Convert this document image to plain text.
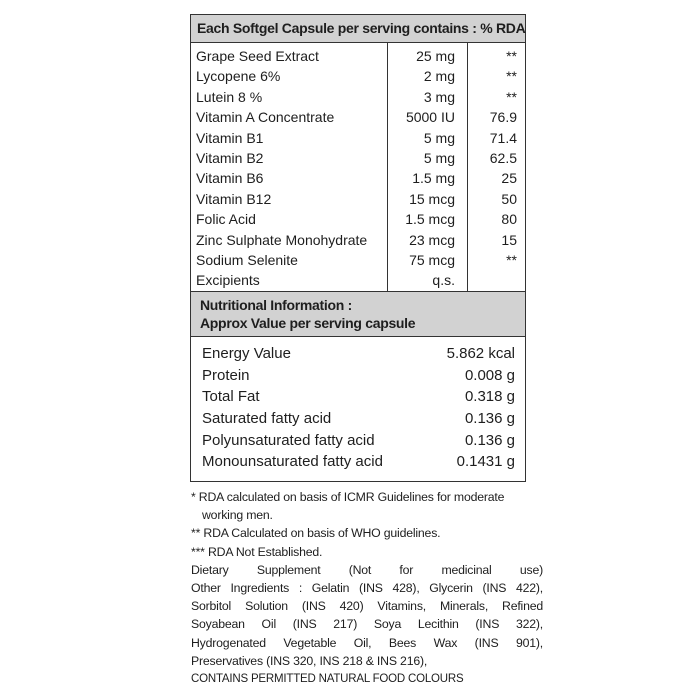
Each Softgel Capsule per serving contains : % RDA
Grape Seed Extract	25 mg	**
Lycopene 6%	2 mg	**
Lutein 8 %	3 mg	**
Vitamin A Concentrate	5000 IU	76.9
Vitamin B1	5 mg	71.4
Vitamin B2	5 mg	62.5
Vitamin B6	1.5 mg	25
Vitamin B12	15 mcg	50
Folic Acid	1.5 mcg	80
Zinc Sulphate Monohydrate	23 mcg	15
Sodium Selenite	75 mcg	**
Excipients	q.s.	
Nutritional Information :
Approx Value per serving capsule
Energy Value	5.862 kcal
Protein	0.008 g
Total Fat	0.318 g
Saturated fatty acid	0.136 g
Polyunsaturated fatty acid	0.136 g
Monounsaturated fatty acid	0.1431 g

* RDA calculated on basis of ICMR Guidelines for moderate

working men.

** RDA Calculated on basis of WHO guidelines.

*** RDA Not Established.

Dietary Supplement (Not for medicinal use)

Other Ingredients : Gelatin (INS 428), Glycerin (INS 422),

Sorbitol Solution (INS 420) Vitamins, Minerals, Refined

Soyabean Oil (INS 217) Soya Lecithin (INS 322),

Hydrogenated Vegetable Oil, Bees Wax (INS 901),

Preservatives (INS 320, INS 218 & INS 216),

CONTAINS PERMITTED NATURAL FOOD COLOURS
